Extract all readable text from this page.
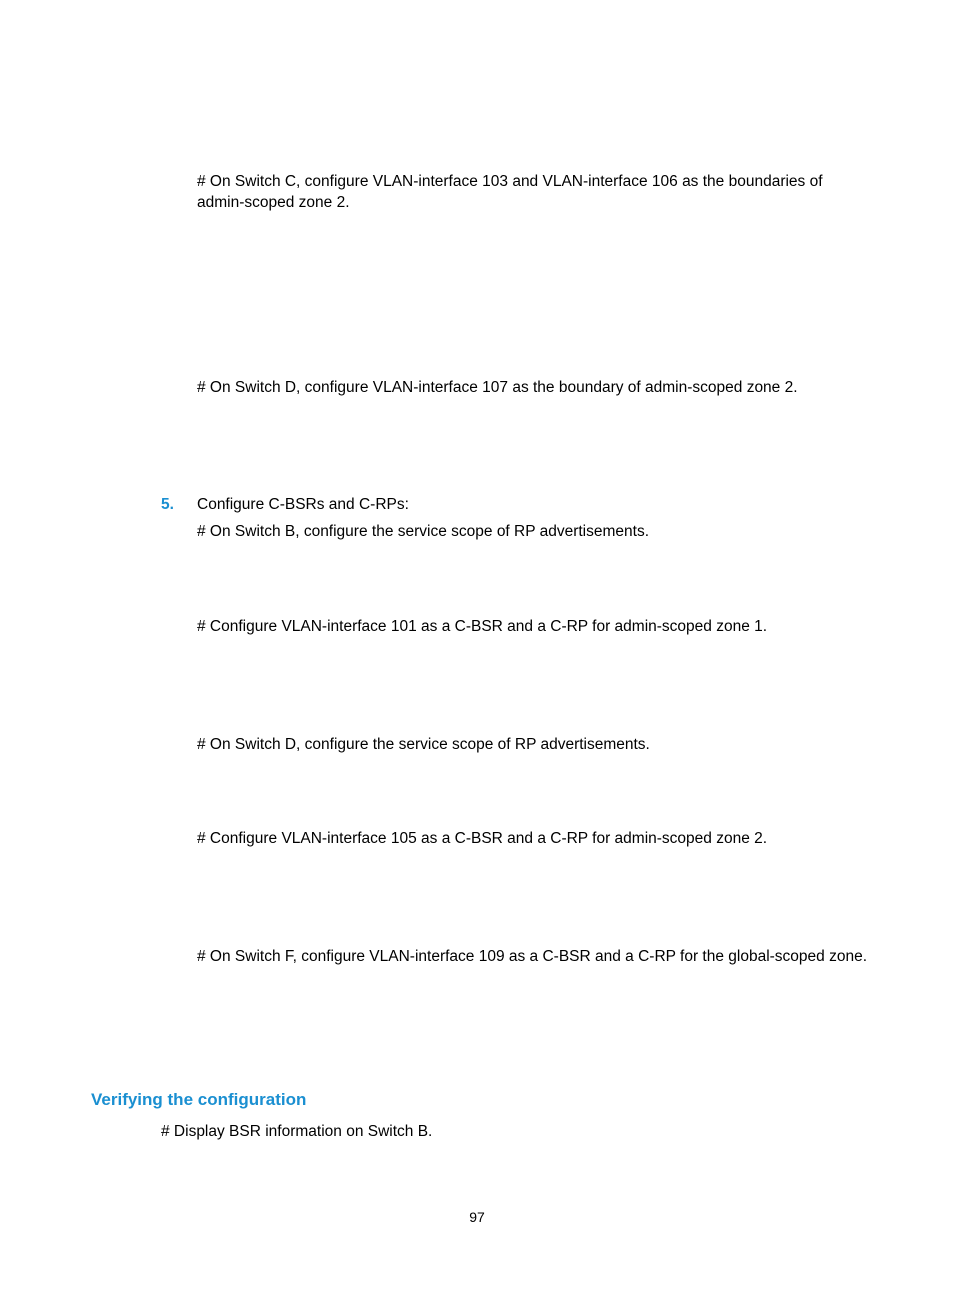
# On Switch C, configure VLAN-interface 103 and VLAN-interface 106 as the boundaries of admin-scoped zone 2.

# On Switch D, configure VLAN-interface 107 as the boundary of admin-scoped zone 2.

5. Configure C-BSRs and C-RPs:

# On Switch B, configure the service scope of RP advertisements.

# Configure VLAN-interface 101 as a C-BSR and a C-RP for admin-scoped zone 1.

# On Switch D, configure the service scope of RP advertisements.

# Configure VLAN-interface 105 as a C-BSR and a C-RP for admin-scoped zone 2.

# On Switch F, configure VLAN-interface 109 as a C-BSR and a C-RP for the global-scoped zone.

Verifying the configuration

# Display BSR information on Switch B.

97
